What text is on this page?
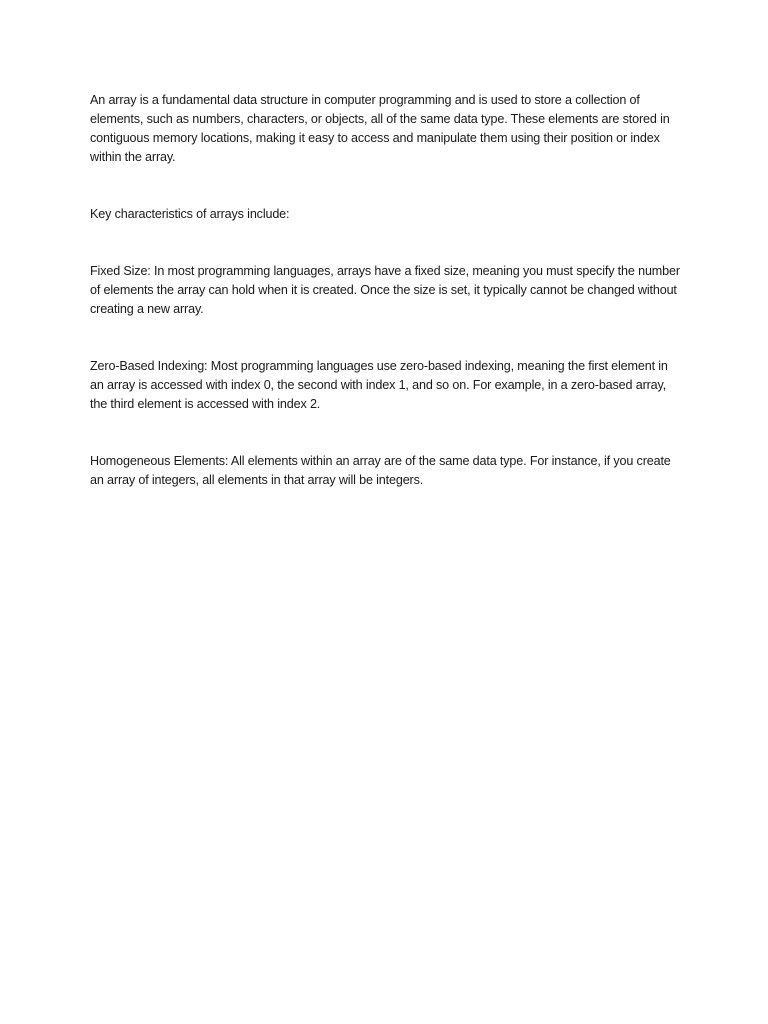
An array is a fundamental data structure in computer programming and is used to store a collection of elements, such as numbers, characters, or objects, all of the same data type. These elements are stored in contiguous memory locations, making it easy to access and manipulate them using their position or index within the array.

Key characteristics of arrays include:

Fixed Size: In most programming languages, arrays have a fixed size, meaning you must specify the number of elements the array can hold when it is created. Once the size is set, it typically cannot be changed without creating a new array.

Zero-Based Indexing: Most programming languages use zero-based indexing, meaning the first element in an array is accessed with index 0, the second with index 1, and so on. For example, in a zero-based array, the third element is accessed with index 2.

Homogeneous Elements: All elements within an array are of the same data type. For instance, if you create an array of integers, all elements in that array will be integers.
